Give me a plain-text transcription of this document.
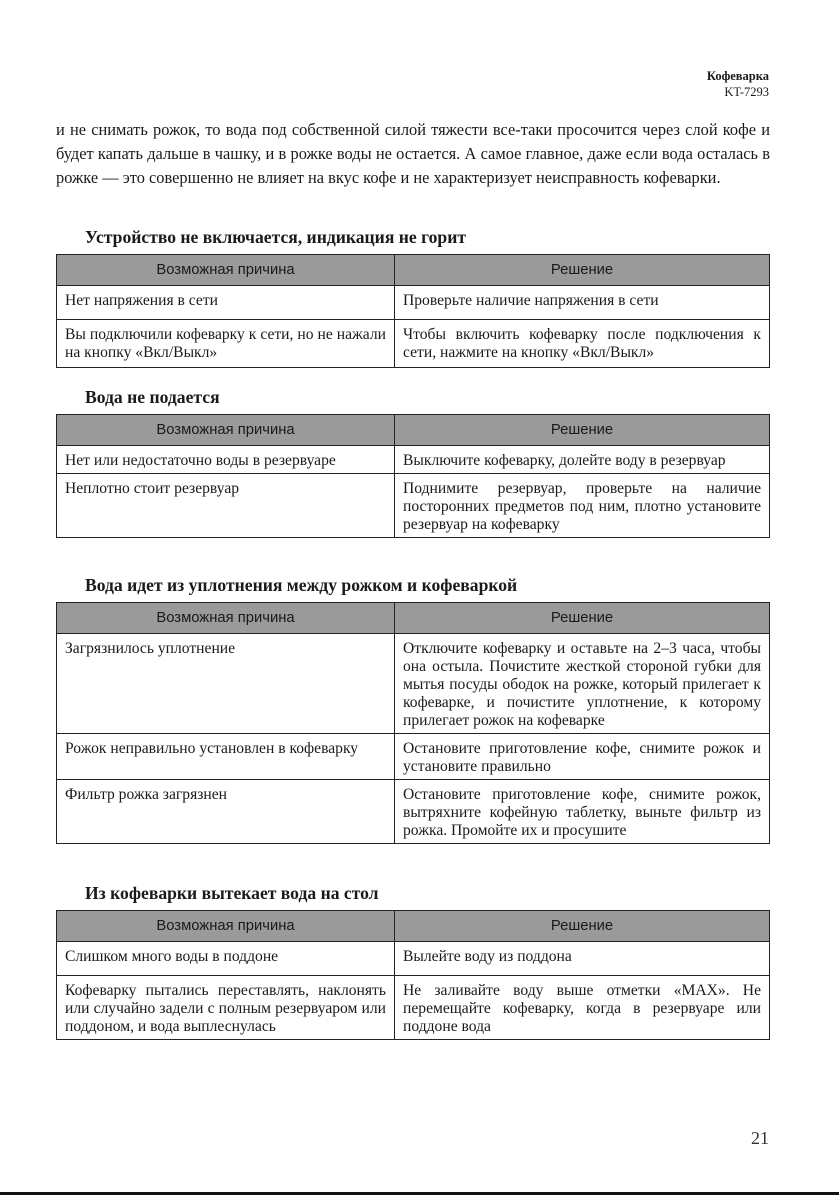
Кофеварка
KT-7293
и не снимать рожок, то вода под собственной силой тяжести все-таки просочится через слой кофе и будет капать дальше в чашку, и в рожке воды не остается. А самое главное, даже если вода осталась в рожке — это совершенно не влияет на вкус кофе и не характеризует неисправность кофеварки.
Устройство не включается, индикация не горит
Возможная причина	Решение
Нет напряжения в сети	Проверьте наличие напряжения в сети
Вы подключили кофеварку к сети, но не нажали на кнопку «Вкл/Выкл»	Чтобы включить кофеварку после подключения к сети, нажмите на кнопку «Вкл/Выкл»
Вода не подается
Возможная причина	Решение
Нет или недостаточно воды в резервуаре	Выключите кофеварку, долейте воду в резервуар
Неплотно стоит резервуар	Поднимите резервуар, проверьте на наличие посторонних предметов под ним, плотно установите резервуар на кофеварку
Вода идет из уплотнения между рожком и кофеваркой
Возможная причина	Решение
Загрязнилось уплотнение	Отключите кофеварку и оставьте на 2–3 часа, чтобы она остыла. Почистите жесткой стороной губки для мытья посуды ободок на рожке, который прилегает к кофеварке, и почистите уплотнение, к которому прилегает рожок на кофеварке
Рожок неправильно установлен в кофеварку	Остановите приготовление кофе, снимите рожок и установите правильно
Фильтр рожка загрязнен	Остановите приготовление кофе, снимите рожок, вытряхните кофейную таблетку, выньте фильтр из рожка. Промойте их и просушите
Из кофеварки вытекает вода на стол
Возможная причина	Решение
Слишком много воды в поддоне	Вылейте воду из поддона
Кофеварку пытались переставлять, наклонять или случайно задели с полным резервуаром или поддоном, и вода выплеснулась	Не заливайте воду выше отметки «MAX». Не перемещайте кофеварку, когда в резервуаре или поддоне вода
21
